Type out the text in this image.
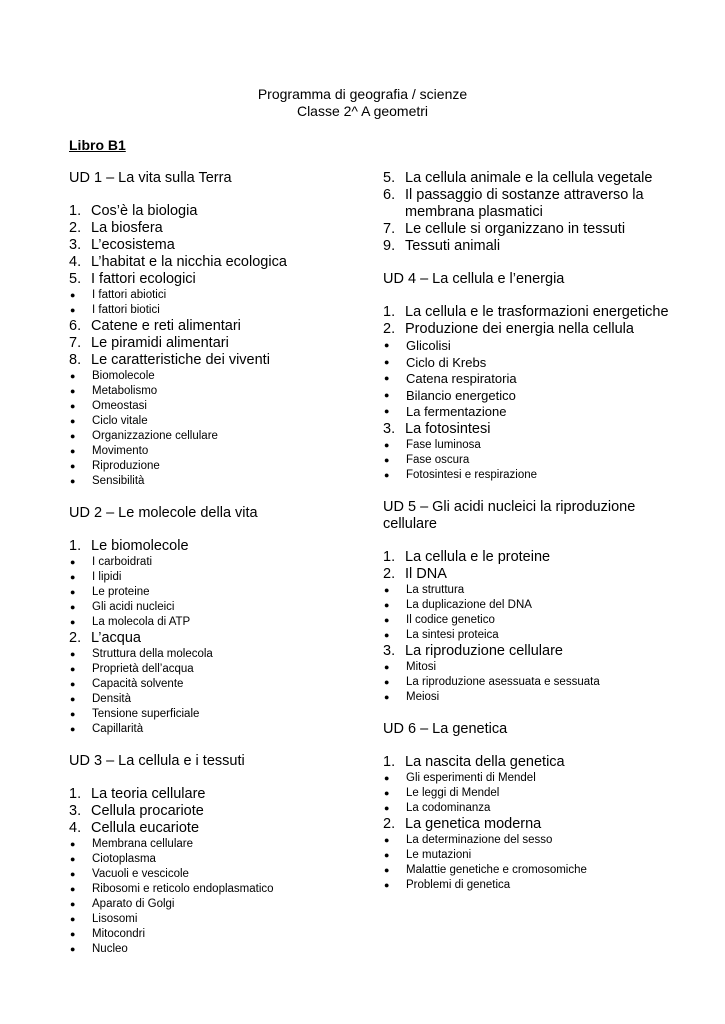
Programma di geografia / scienze
Classe 2^ A geometri
Libro B1
UD 1 – La vita sulla Terra
1. Cos’è la biologia
2. La biosfera
3. L’ecosistema
4. L’habitat e la nicchia ecologica
5. I fattori ecologici
●	I fattori abiotici
●	I fattori biotici
6. Catene e reti alimentari
7. Le piramidi alimentari
8. Le caratteristiche dei viventi
●	Biomolecole
●	Metabolismo
●	Omeostasi
●	Ciclo vitale
●	Organizzazione cellulare
●	Movimento
●	Riproduzione
●	Sensibilità
UD 2 – Le molecole della vita
1. Le biomolecole
●	I carboidrati
●	I lipidi
●	Le proteine
●	Gli acidi nucleici
●	La molecola di ATP
2. L’acqua
●	Struttura della molecola
●	Proprietà dell’acqua
●	Capacità solvente
●	Densità
●	Tensione superficiale
●	Capillarità
UD 3 – La cellula e i tessuti
1. La teoria cellulare
3. Cellula procariote
4. Cellula eucariote
●	Membrana cellulare
●	Ciotoplasma
●	Vacuoli e vescicole
●	Ribosomi e reticolo endoplasmatico
●	Aparato di Golgi
●	Lisosomi
●	Mitocondri
●	Nucleo
5. La cellula animale e la cellula vegetale
6. Il passaggio di sostanze attraverso la membrana plasmatici
7. Le cellule si organizzano in tessuti
9. Tessuti animali
UD 4 – La cellula e l’energia
1. La cellula e le trasformazioni energetiche
2. Produzione dei energia nella cellula
●	Glicolisi
●	Ciclo di Krebs
●	Catena respiratoria
●	Bilancio energetico
●	La fermentazione
3. La fotosintesi
●	Fase luminosa
●	Fase oscura
●	Fotosintesi e respirazione
UD 5 – Gli acidi nucleici la riproduzione cellulare
1. La cellula e le proteine
2. Il DNA
●	La struttura
●	La duplicazione del DNA
●	Il codice genetico
●	La sintesi proteica
3. La riproduzione cellulare
●	Mitosi
●	La riproduzione asessuata e sessuata
●	Meiosi
UD 6 – La genetica
1. La nascita della genetica
●	Gli esperimenti di Mendel
●	Le leggi di Mendel
●	La codominanza
2. La genetica moderna
●	La determinazione del sesso
●	Le mutazioni
●	Malattie genetiche e cromosomiche
●	Problemi di genetica
